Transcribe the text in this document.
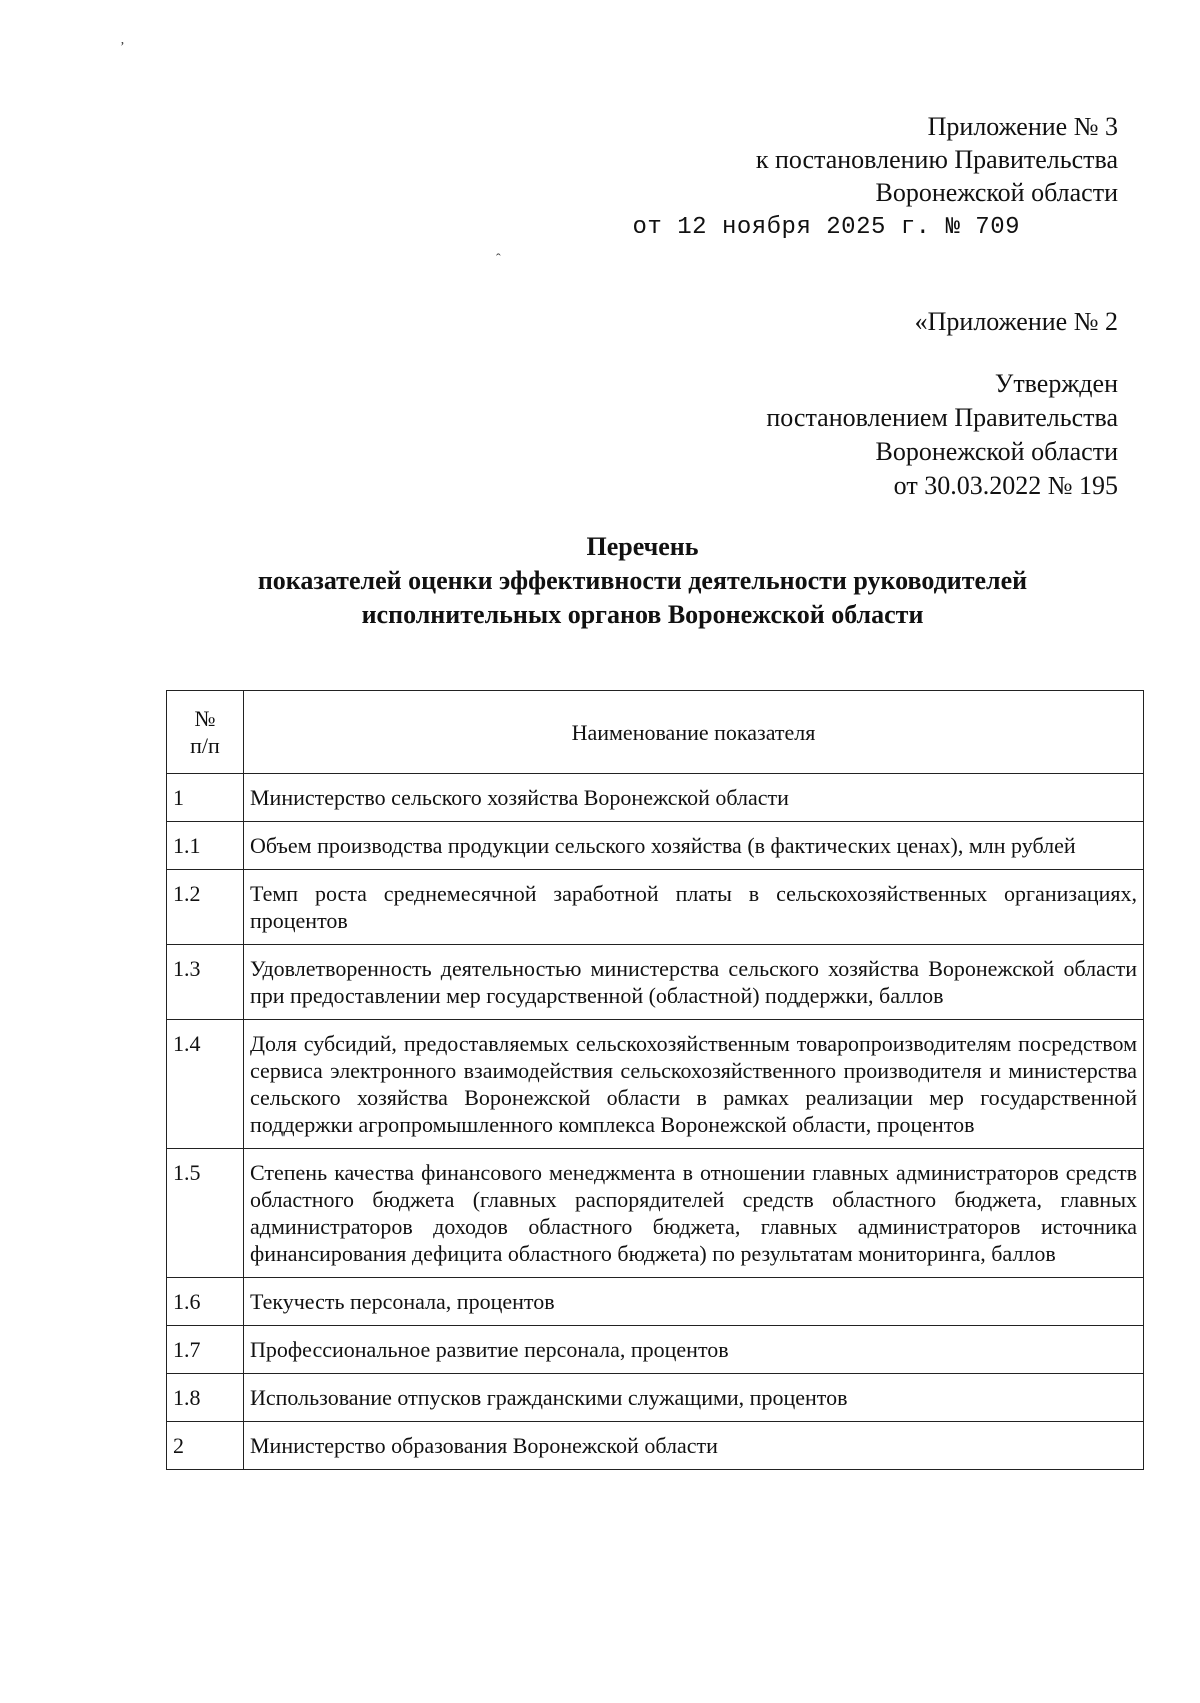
ʼ
ˆ
Приложение № 3
к постановлению Правительства
Воронежской области
от 12 ноября 2025 г. № 709
«Приложение № 2
Утвержден
постановлением Правительства
Воронежской области
от 30.03.2022 № 195
Перечень
показателей оценки эффективности деятельности руководителей
исполнительных органов Воронежской области
№
п/п	Наименование показателя
1	Министерство сельского хозяйства Воронежской области
1.1	Объем производства продукции сельского хозяйства (в фактических ценах), млн рублей
1.2	Темп роста среднемесячной заработной платы в сельскохозяйственных организациях, процентов
1.3	Удовлетворенность деятельностью министерства сельского хозяйства Воронежской области при предоставлении мер государственной (областной) поддержки, баллов
1.4	Доля субсидий, предоставляемых сельскохозяйственным товаропроизводителям посредством сервиса электронного взаимодействия сельскохозяйственного производителя и министерства сельского хозяйства Воронежской области в рамках реализации мер государственной поддержки агропромышленного комплекса Воронежской области, процентов
1.5	Степень качества финансового менеджмента в отношении главных администраторов средств областного бюджета (главных распорядителей средств областного бюджета, главных администраторов доходов областного бюджета, главных администраторов источника финансирования дефицита областного бюджета) по результатам мониторинга, баллов
1.6	Текучесть персонала, процентов
1.7	Профессиональное развитие персонала, процентов
1.8	Использование отпусков гражданскими служащими, процентов
2	Министерство образования Воронежской области
